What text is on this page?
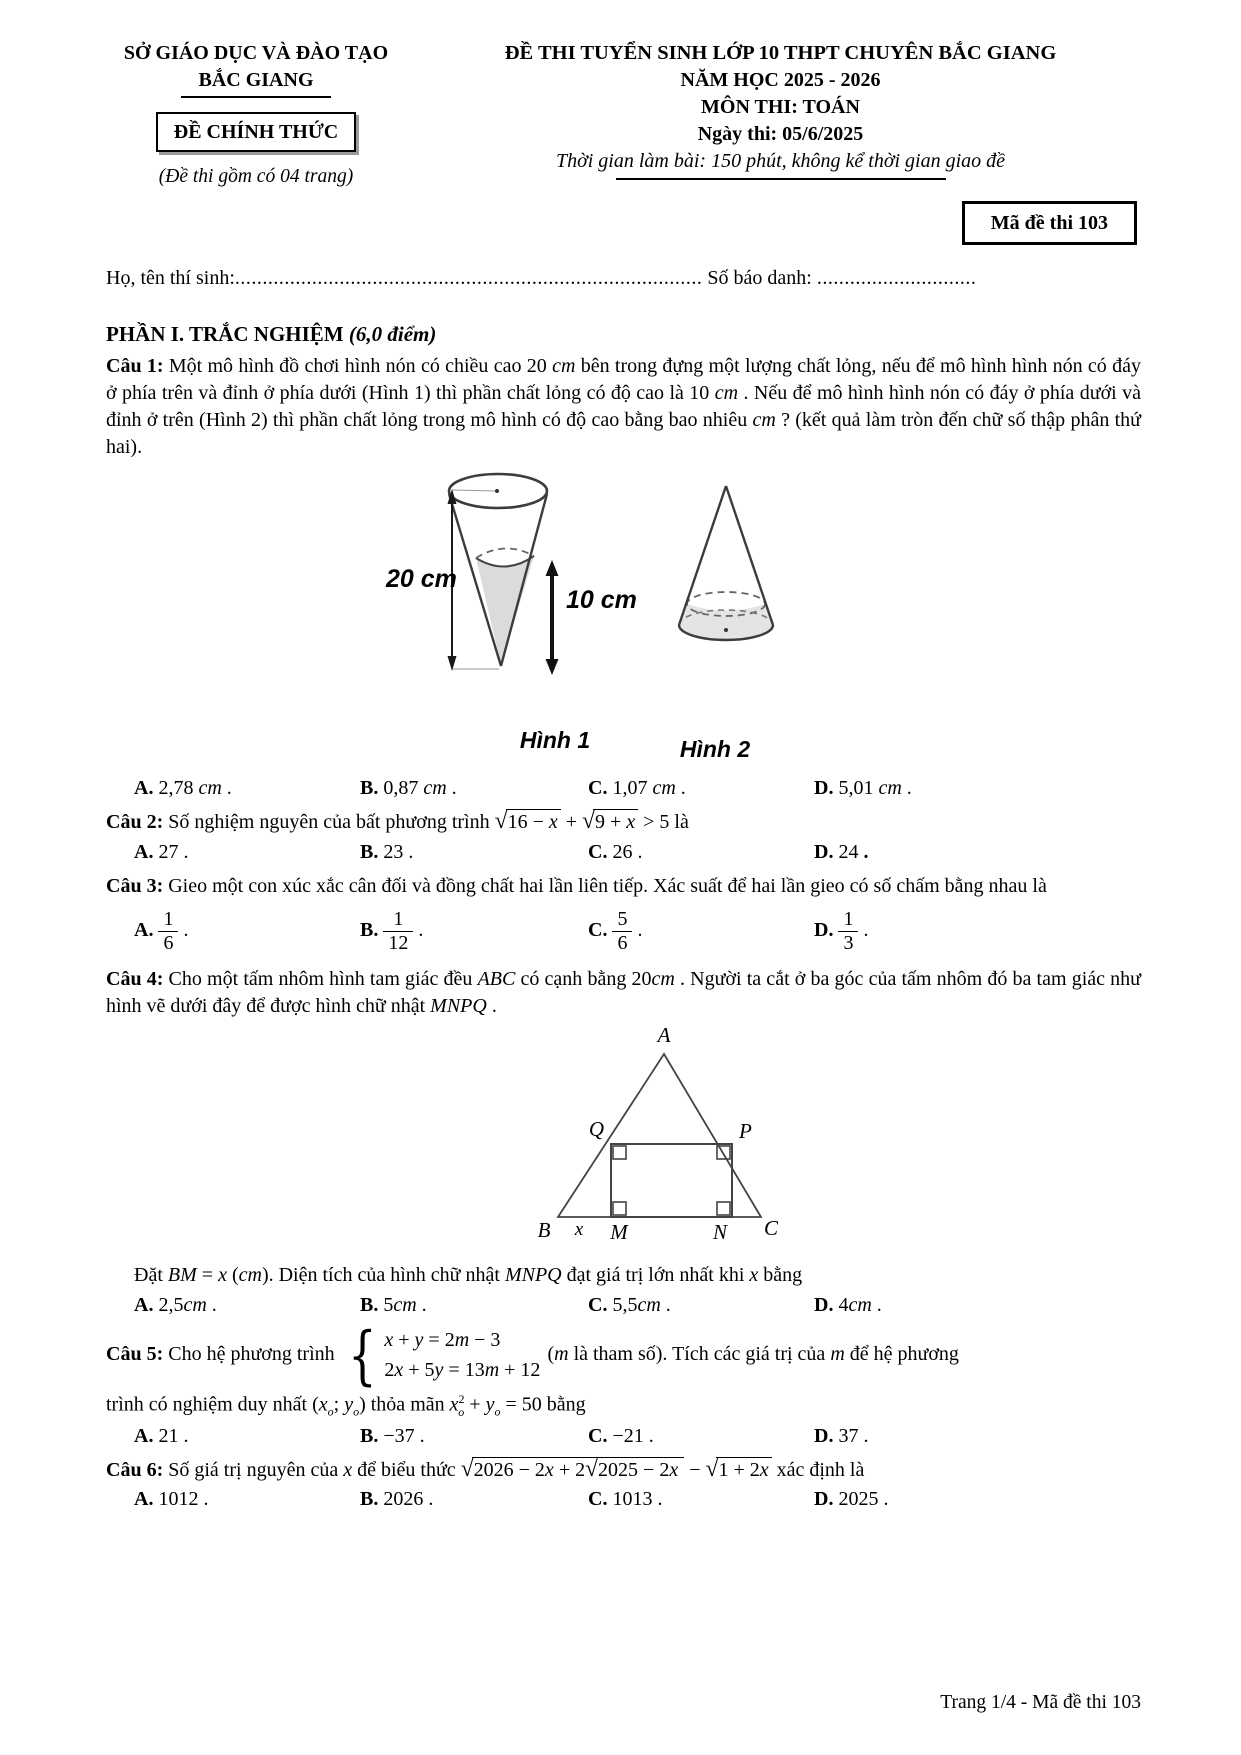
SỞ GIÁO DỤC VÀ ĐÀO TẠO
BẮC GIANG
ĐỀ CHÍNH THỨC
(Đề thi gồm có 04 trang)
ĐỀ THI TUYỂN SINH LỚP 10 THPT CHUYÊN BẮC GIANG
NĂM HỌC 2025 - 2026
MÔN THI: TOÁN
Ngày thi: 05/6/2025
Thời gian làm bài: 150 phút, không kể thời gian giao đề
Mã đề thi 103
Họ, tên thí sinh:..................................................................................... Số báo danh: .............................
PHẦN I. TRẮC NGHIỆM (6,0 điểm)

Câu 1: Một mô hình đồ chơi hình nón có chiều cao 20 cm bên trong đựng một lượng chất lỏng, nếu để mô hình hình nón có đáy ở phía trên và đỉnh ở phía dưới (Hình 1) thì phần chất lỏng có độ cao là 10 cm . Nếu để mô hình hình nón có đáy ở phía dưới và đỉnh ở trên (Hình 2) thì phần chất lỏng trong mô hình có độ cao bằng bao nhiêu cm ? (kết quả làm tròn đến chữ số thập phân thứ hai).

20 cm
10 cm
Hình 1	Hình 2
A. 2,78 cm .	B. 0,87 cm .	C. 1,07 cm .	D. 5,01 cm .

Câu 2: Số nghiệm nguyên của bất phương trình √16 − x + √9 + x > 5 là

A. 27 .	B. 23 .	C. 26 .	D. 24 .

Câu 3: Gieo một con xúc xắc cân đối và đồng chất hai lần liên tiếp. Xác suất để hai lần gieo có số chấm bằng nhau là

A. $\frac{1}{6}$ .	B. $\frac{1}{12}$ .	C. $\frac{5}{6}$ .	D. $\frac{1}{3}$ .

Câu 4: Cho một tấm nhôm hình tam giác đều ABC có cạnh bằng 20cm . Người ta cắt ở ba góc của tấm nhôm đó ba tam giác như hình vẽ dưới đây để được hình chữ nhật MNPQ .

A
Q	P
B x M	N C

Đặt BM = x (cm). Diện tích của hình chữ nhật MNPQ đạt giá trị lớn nhất khi x bằng

A. 2,5cm .	B. 5cm .	C. 5,5cm .	D. 4cm .

Câu 5: Cho hệ phương trình { x + y = 2m − 3
2x + 5y = 13m + 12
(m là tham số). Tích các giá trị của m để hệ phương

trình có nghiệm duy nhất ($x_o$; $y_o$) thỏa mãn $x^2_o + y_o = 50$ bằng

A. 21 .	B. −37 .	C. −21 .	D. 37 .

Câu 6: Số giá trị nguyên của x để biểu thức √2026 − 2x + 2√2025 − 2x − √1 + 2x xác định là

A. 1012 .	B. 2026 .	C. 1013 .	D. 2025 .
Trang 1/4 - Mã đề thi 103
